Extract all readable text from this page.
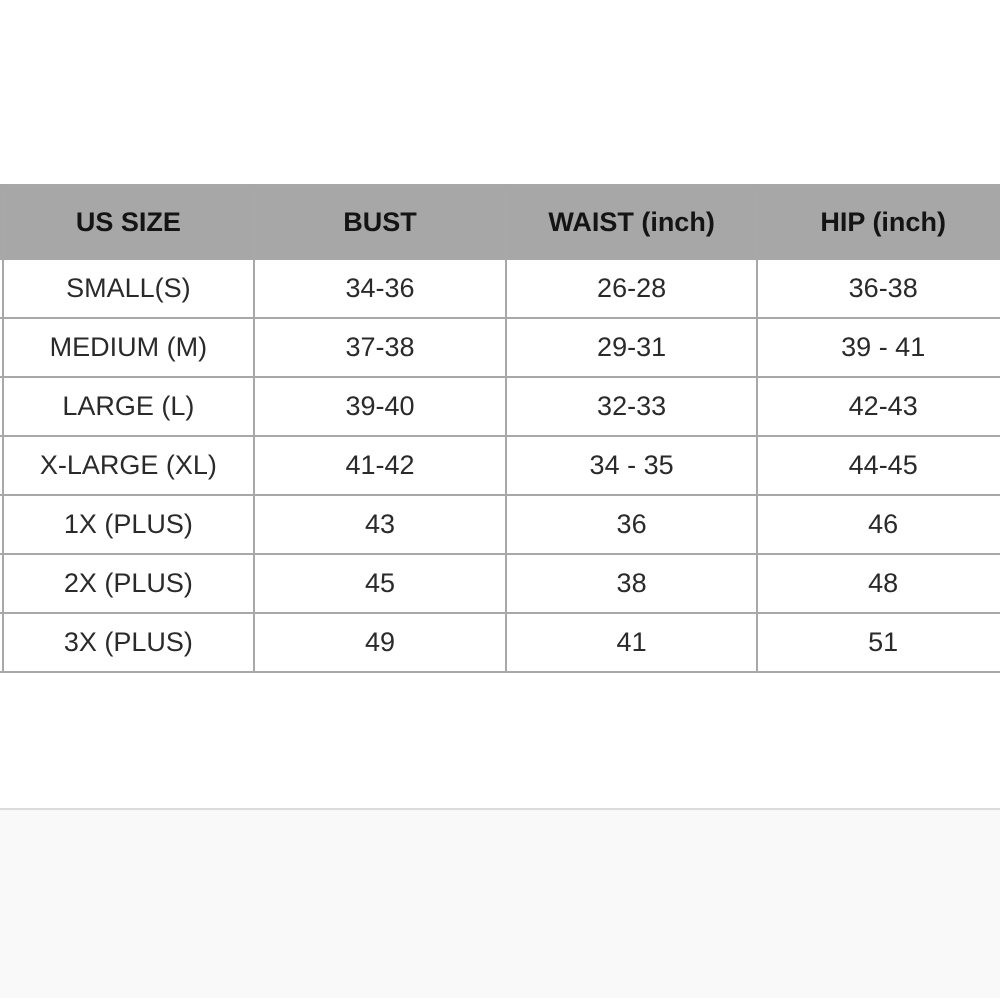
	US SIZE	BUST	WAIST (inch)	HIP (inch)
	SMALL(S)	34-36	26-28	36-38
	MEDIUM (M)	37-38	29-31	39 - 41
	LARGE (L)	39-40	32-33	42-43
	X-LARGE (XL)	41-42	34 - 35	44-45
	1X (PLUS)	43	36	46
	2X (PLUS)	45	38	48
	3X (PLUS)	49	41	51
